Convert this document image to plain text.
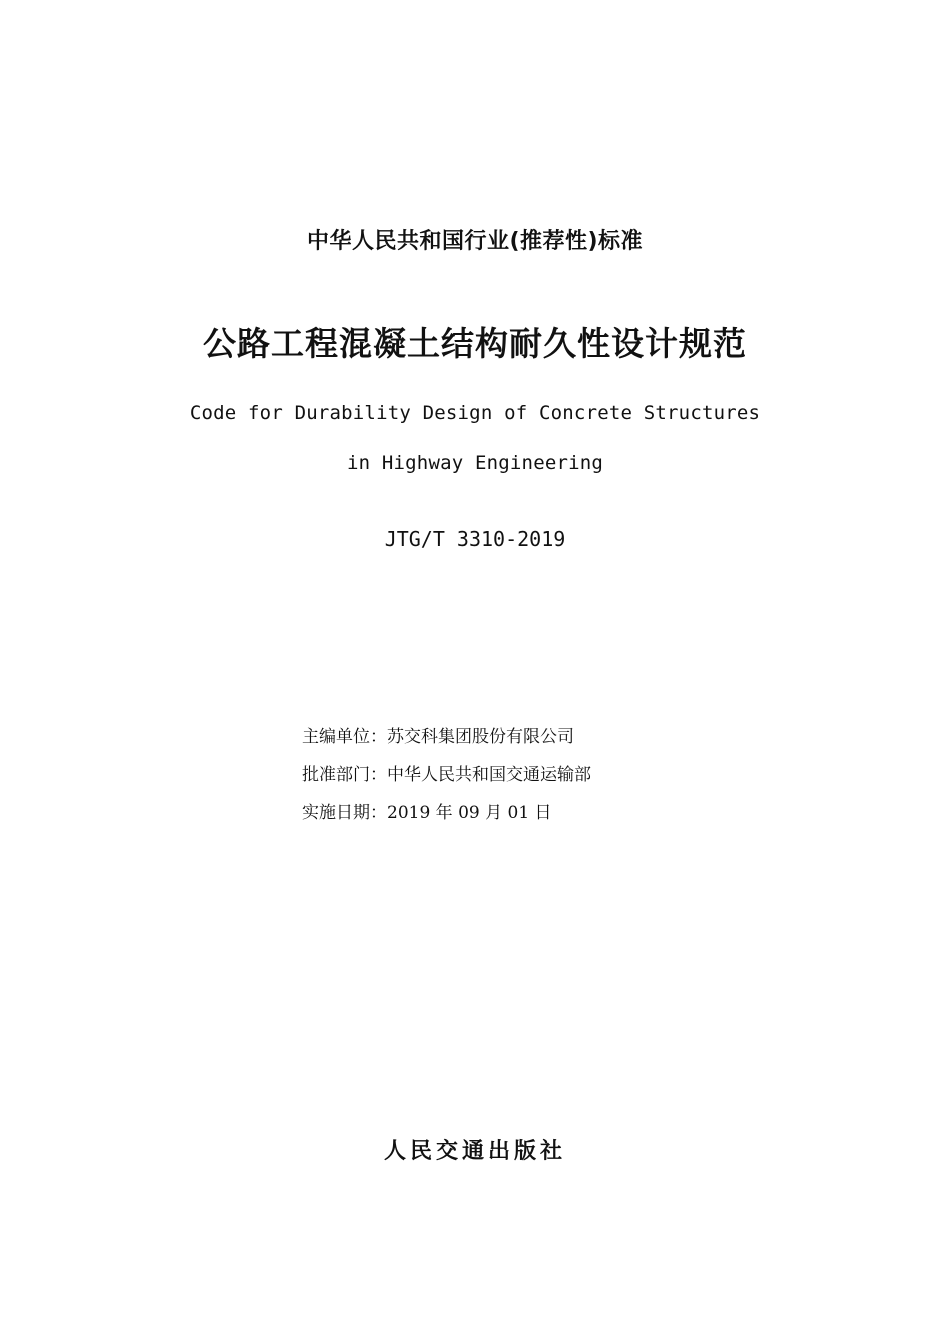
中华人民共和国行业(推荐性)标准
公路工程混凝土结构耐久性设计规范
Code for Durability Design of Concrete Structures
in Highway Engineering
JTG/T 3310-2019
主编单位：苏交科集团股份有限公司
批准部门：中华人民共和国交通运输部
实施日期：2019 年 09 月 01 日
人民交通出版社
